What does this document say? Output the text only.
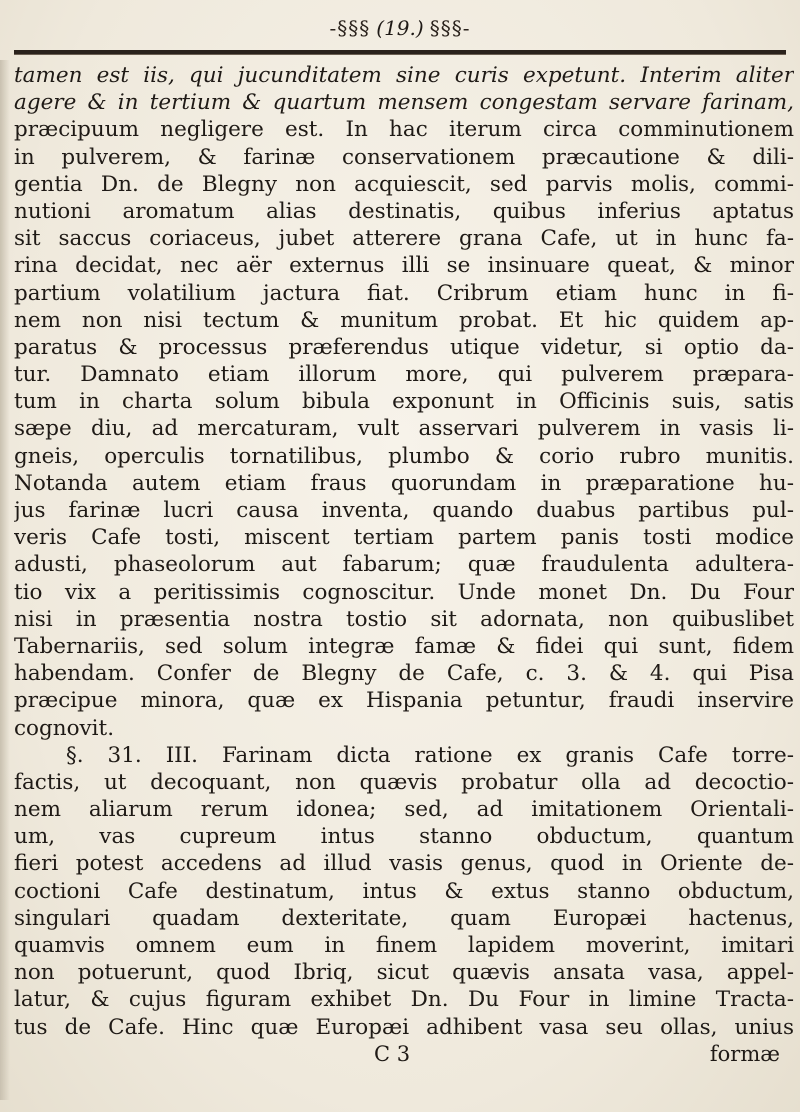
-§§§ (19.) §§§-
tamen est iis, qui jucunditatem sine curis expetunt. Interim aliter
agere & in tertium & quartum mensem congestam servare farinam,
præcipuum negligere est. In hac iterum circa comminutionem
in pulverem, & farinæ conservationem præcautione & dili-
gentia Dn. de Blegny non acquiescit, sed parvis molis, commi-
nutioni aromatum alias destinatis, quibus inferius aptatus
sit saccus coriaceus, jubet atterere grana Cafe, ut in hunc fa-
rina decidat, nec aër externus illi se insinuare queat, & minor
partium volatilium jactura fiat. Cribrum etiam hunc in fi-
nem non nisi tectum & munitum probat. Et hic quidem ap-
paratus & processus præferendus utique videtur, si optio da-
tur. Damnato etiam illorum more, qui pulverem præpara-
tum in charta solum bibula exponunt in Officinis suis, satis
sæpe diu, ad mercaturam, vult asservari pulverem in vasis li-
gneis, operculis tornatilibus, plumbo & corio rubro munitis.
Notanda autem etiam fraus quorundam in præparatione hu-
jus farinæ lucri causa inventa, quando duabus partibus pul-
veris Cafe tosti, miscent tertiam partem panis tosti modice
adusti, phaseolorum aut fabarum; quæ fraudulenta adultera-
tio vix a peritissimis cognoscitur. Unde monet Dn. Du Four
nisi in præsentia nostra tostio sit adornata, non quibuslibet
Tabernariis, sed solum integræ famæ & fidei qui sunt, fidem
habendam. Confer de Blegny de Cafe, c. 3. & 4. qui Pisa
præcipue minora, quæ ex Hispania petuntur, fraudi inservire
cognovit.
§. 31. III. Farinam dicta ratione ex granis Cafe torre-
factis, ut decoquant, non quævis probatur olla ad decoctio-
nem aliarum rerum idonea; sed, ad imitationem Orientali-
um, vas cupreum intus stanno obductum, quantum
fieri potest accedens ad illud vasis genus, quod in Oriente de-
coctioni Cafe destinatum, intus & extus stanno obductum,
singulari quadam dexteritate, quam Europæi hactenus,
quamvis omnem eum in finem lapidem moverint, imitari
non potuerunt, quod Ibriq, sicut quævis ansata vasa, appel-
latur, & cujus figuram exhibet Dn. Du Four in limine Tracta-
tus de Cafe. Hinc quæ Europæi adhibent vasa seu ollas, unius
C 3	formæ
